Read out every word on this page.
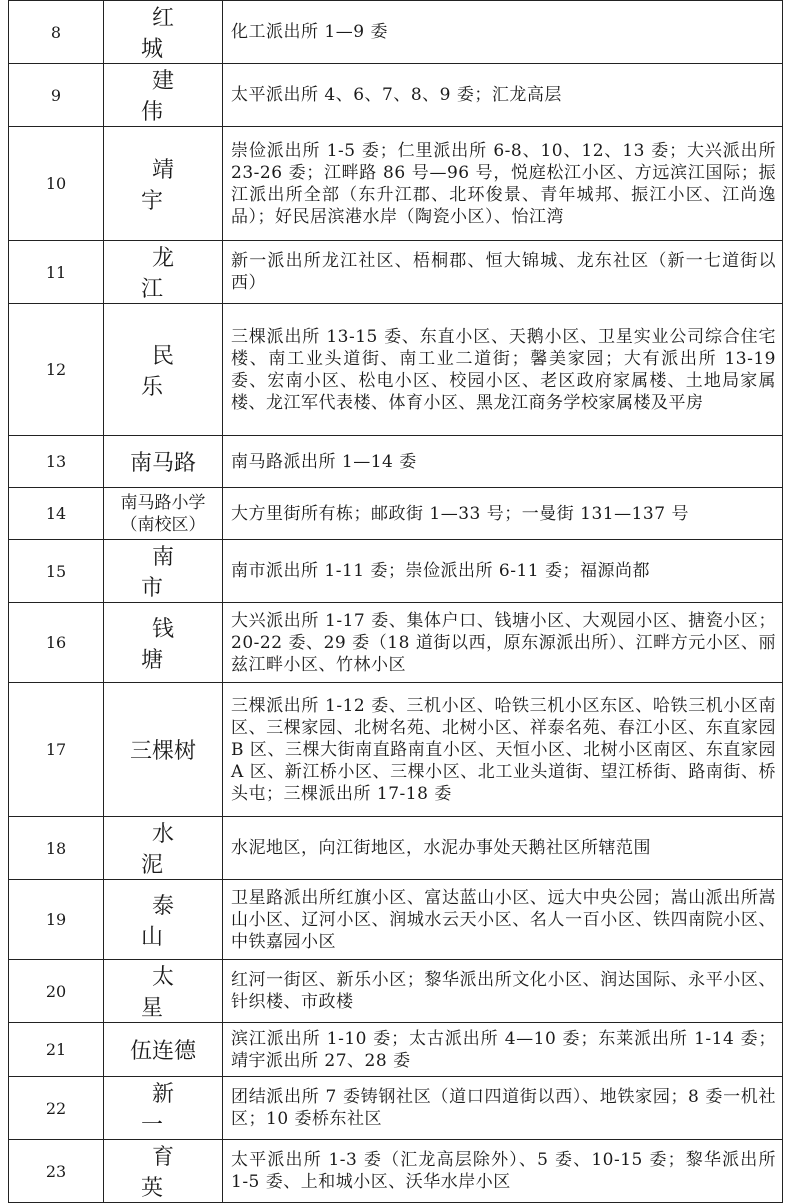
8	红 城	化工派出所 1—9 委
9	建 伟	太平派出所 4、6、7、8、9 委；汇龙高层
10	靖 宇	崇俭派出所 1-5 委；仁里派出所 6-8、10、12、13 委；大兴派出所 23-26 委；江畔路 86 号—96 号，悦庭松江小区、方远滨江国际；振江派出所全部（东升江郡、北环俊景、青年城邦、振江小区、江尚逸品）；好民居滨港水岸（陶瓷小区）、怡江湾
11	龙 江	新一派出所龙江社区、梧桐郡、恒大锦城、龙东社区（新一七道街以西）
12	民 乐	三棵派出所 13-15 委、东直小区、天鹅小区、卫星实业公司综合住宅楼、南工业头道街、南工业二道街；馨美家园；大有派出所 13-19 委、宏南小区、松电小区、校园小区、老区政府家属楼、土地局家属楼、龙江军代表楼、体育小区、黑龙江商务学校家属楼及平房
13	南马路	南马路派出所 1—14 委
14	南马路小学（南校区）	大方里街所有栋；邮政街 1—33 号；一曼街 131—137 号
15	南 市	南市派出所 1-11 委；崇俭派出所 6-11 委；福源尚都
16	钱 塘	大兴派出所 1-17 委、集体户口、钱塘小区、大观园小区、搪瓷小区；20-22 委、29 委（18 道街以西，原东源派出所）、江畔方元小区、丽兹江畔小区、竹林小区
17	三棵树	三棵派出所 1-12 委、三机小区、哈铁三机小区东区、哈铁三机小区南区、三棵家园、北树名苑、北树小区、祥泰名苑、春江小区、东直家园 B 区、三棵大街南直路南直小区、天恒小区、北树小区南区、东直家园 A 区、新江桥小区、三棵小区、北工业头道街、望江桥街、路南街、桥头屯；三棵派出所 17-18 委
18	水 泥	水泥地区，向江街地区，水泥办事处天鹅社区所辖范围
19	泰 山	卫星路派出所红旗小区、富达蓝山小区、远大中央公园；嵩山派出所嵩山小区、辽河小区、润城水云天小区、名人一百小区、铁四南院小区、中铁嘉园小区
20	太 星	红河一街区、新乐小区；黎华派出所文化小区、润达国际、永平小区、针织楼、市政楼
21	伍连德	滨江派出所 1-10 委；太古派出所 4—10 委；东莱派出所 1-14 委；靖宇派出所 27、28 委
22	新 一	团结派出所 7 委铸钢社区（道口四道街以西）、地铁家园；8 委一机社区；10 委桥东社区
23	育 英	太平派出所 1-3 委（汇龙高层除外）、5 委、10-15 委；黎华派出所 1-5 委、上和城小区、沃华水岸小区
